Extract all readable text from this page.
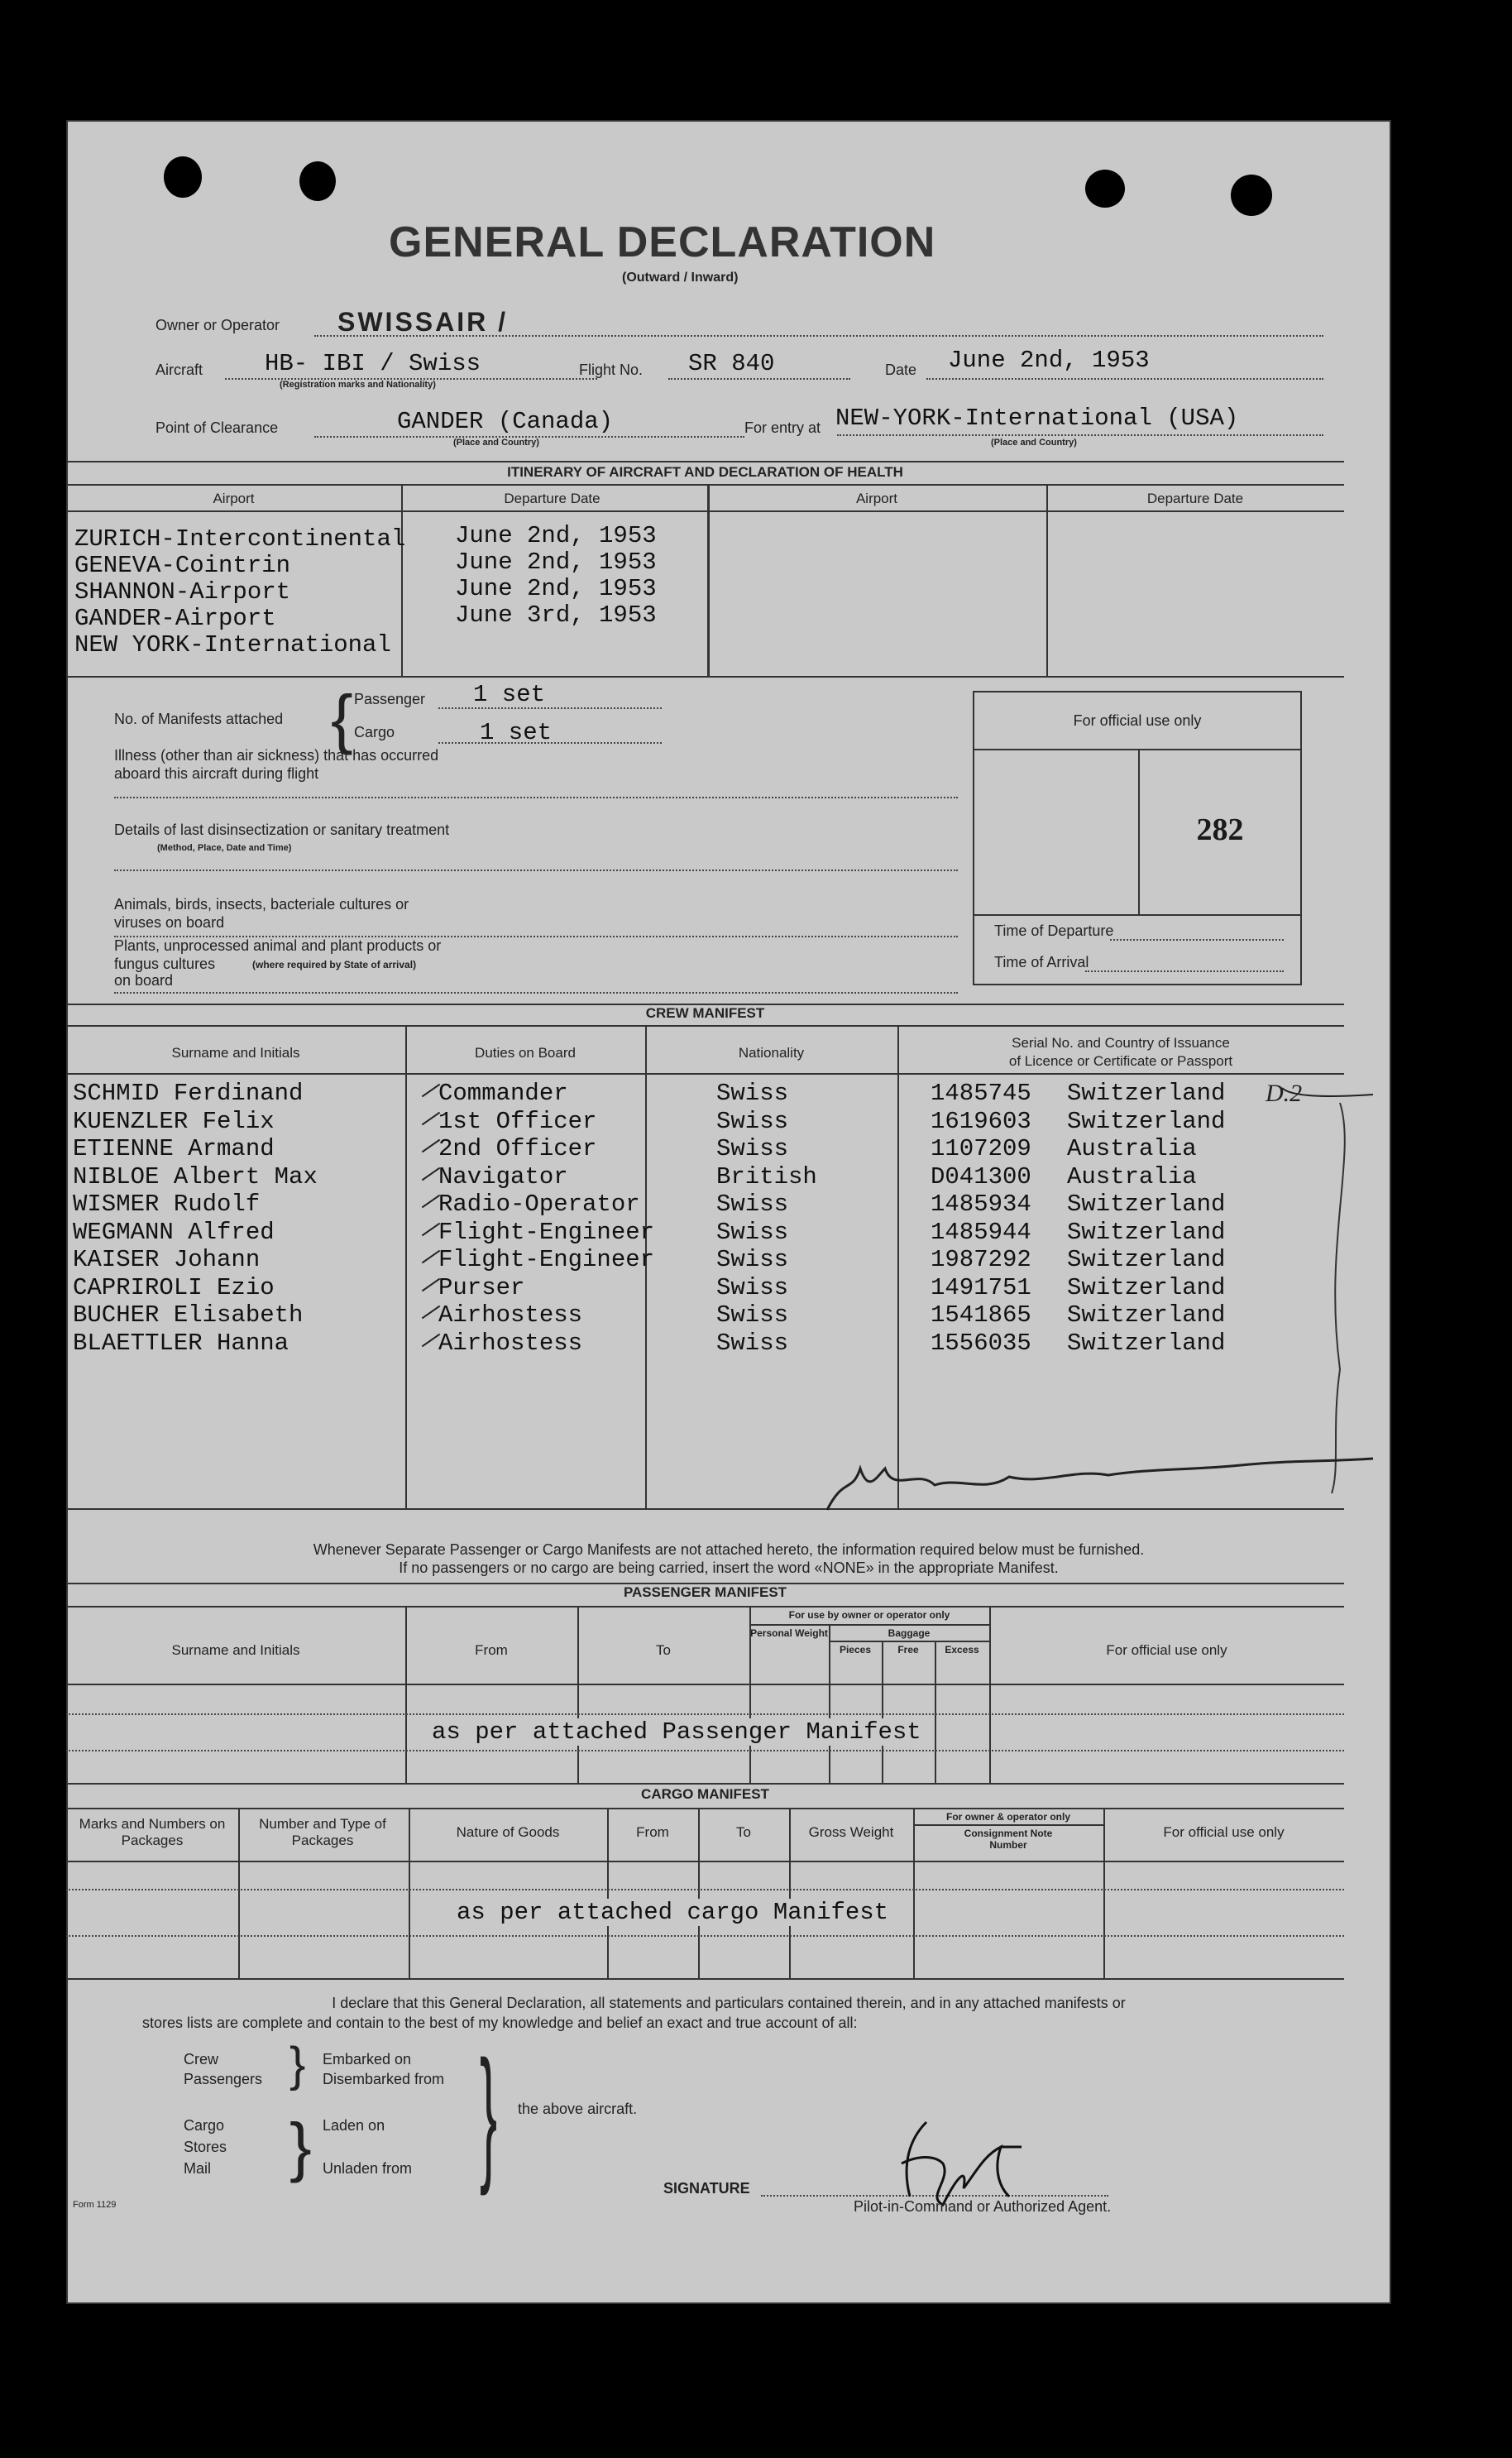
GENERAL DECLARATION
(Outward / Inward)
Owner or Operator SWISSAIR /
Aircraft	HB- IBI / Swiss
(Registration marks and Nationality)
Flight No. SR 840	Date June 2nd, 1953
Point of Clearance	GANDER (Canada)
(Place and Country)
For entry at NEW-YORK-International (USA)
(Place and Country)
ITINERARY OF AIRCRAFT AND DECLARATION OF HEALTH
Airport	Departure Date	Airport	Departure Date
ZURICH-Intercontinental June 2nd, 1953
GENEVA-Cointrin	June 2nd, 1953
SHANNON-Airport	June 2nd, 1953
GANDER-Airport	June 3rd, 1953
NEW YORK-International
No. of Manifests attached { Passenger 1 set
Cargo	1 set
Illness (other than air sickness) that has occurred
aboard this aircraft during flight
Details of last disinsectization or sanitary treatment
(Method, Place, Date and Time)
Animals, birds, insects, bacteriale cultures or
viruses on board
Plants, unprocessed animal and plant products or
fungus cultures	(where required by State of arrival)
on board
For official use only
282
Time of Departure
Time of Arrival
CREW MANIFEST
Surname and Initials	Duties on Board	Nationality
Serial No. and Country of Issuance
of Licence or Certificate or Passport
SCHMID Ferdinand	Commander	Swiss	1485745 Switzerland
KUENZLER Felix	1st Officer	Swiss	1619603 Switzerland
ETIENNE Armand	2nd Officer	Swiss	1107209 Australia
NIBLOE Albert Max	Navigator	British	D041300 Australia
WISMER Rudolf	Radio-Operator	Swiss	1485934 Switzerland
WEGMANN Alfred	Flight-Engineer	Swiss	1485944 Switzerland
KAISER Johann	Flight-Engineer	Swiss	1987292 Switzerland
CAPRIROLI Ezio	Purser	Swiss	1491751 Switzerland
BUCHER Elisabeth	Airhostess	Swiss	1541865 Switzerland
BLAETTLER Hanna	Airhostess	Swiss	1556035 Switzerland
D.2
Whenever Separate Passenger or Cargo Manifests are not attached hereto, the information required below must be furnished.
If no passengers or no cargo are being carried, insert the word «NONE» in the appropriate Manifest.
PASSENGER MANIFEST
Surname and Initials	From	To
For use by owner or operator only
Personal Weight	Baggage
Pieces	Free	Excess	For official use only
as per attached Passenger Manifest
CARGO MANIFEST
Marks and Numbers on Packages
Number and Type of Packages
Nature of Goods	From	To	Gross Weight
For owner & operator only
Consignment Note Number
For official use only
as per attached cargo Manifest
I declare that this General Declaration, all statements and particulars contained therein, and in any attached manifests or
stores lists are complete and contain to the best of my knowledge and belief an exact and true account of all:
Crew
Passengers } Embarked on
Disembarked from
Cargo
Stores
Mail } Laden on
Unladen from } the above aircraft.
SIGNATURE
Pilot-in-Command or Authorized Agent.
Form 1129
